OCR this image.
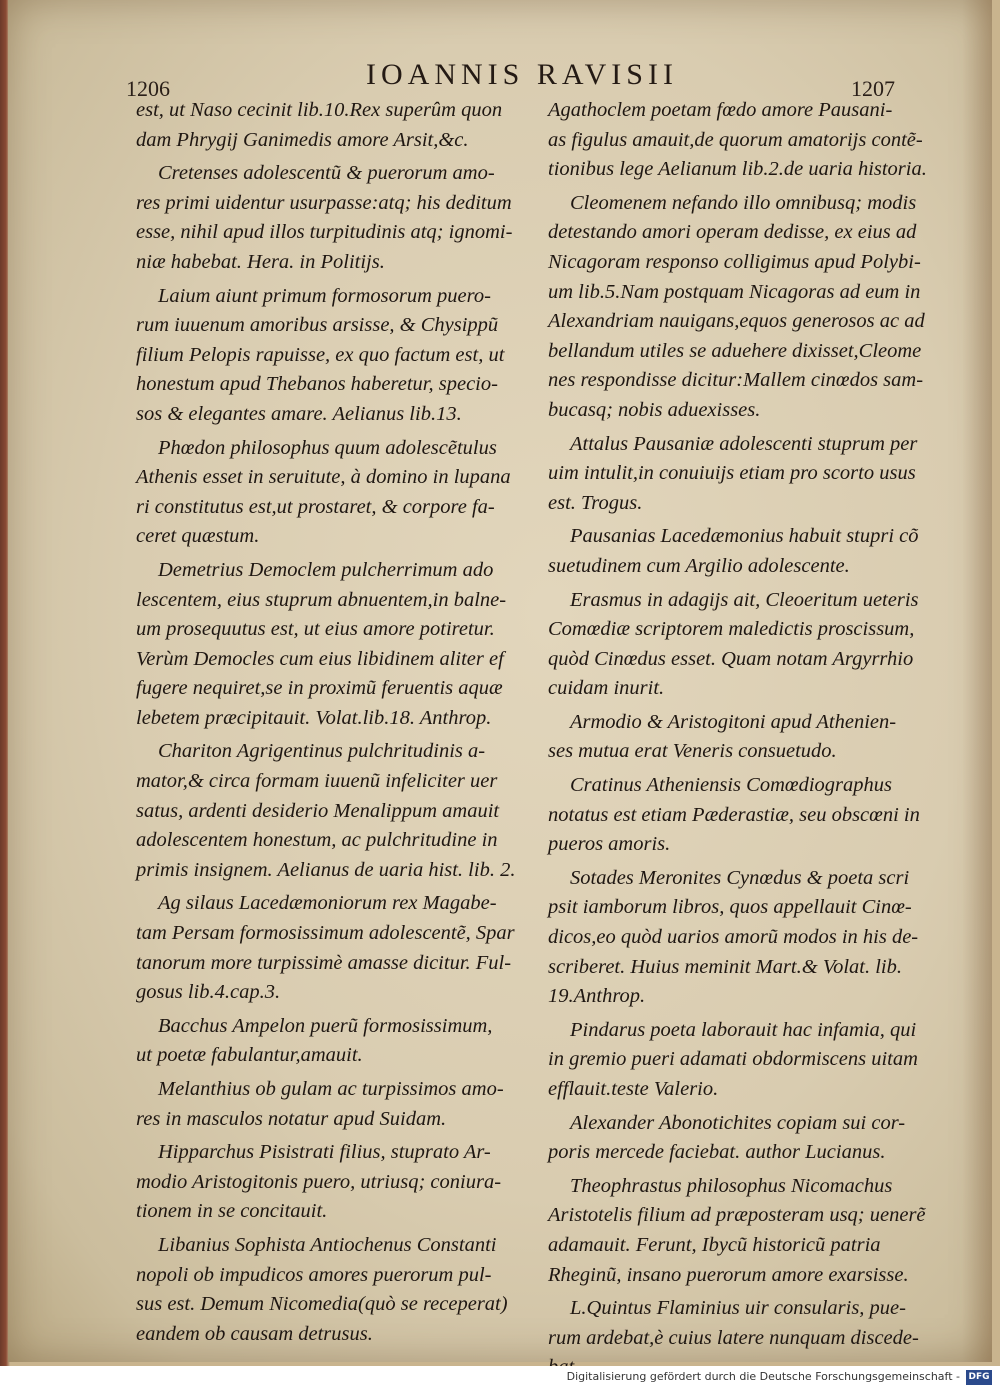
1206	IOANNIS RAVISII	1207

est, ut Naso cecinit lib.10.Rex superûm quon
dam Phrygij Ganimedis amore Arsit,&c.

Cretenses adolescentũ & puerorum amo-
res primi uidentur usurpasse:atq; his deditum
esse, nihil apud illos turpitudinis atq; ignomi-
niæ habebat. Hera. in Politijs.

Laium aiunt primum formosorum puero-
rum iuuenum amoribus arsisse, & Chysippũ
filium Pelopis rapuisse, ex quo factum est, ut
honestum apud Thebanos haberetur, specio-
sos & elegantes amare. Aelianus lib.13.

Phœdon philosophus quum adolescẽtulus
Athenis esset in seruitute, à domino in lupana
ri constitutus est,ut prostaret, & corpore fa-
ceret quæstum.

Demetrius Democlem pulcherrimum ado
lescentem, eius stuprum abnuentem,in balne-
um prosequutus est, ut eius amore potiretur.
Verùm Democles cum eius libidinem aliter ef
fugere nequiret,se in proximũ feruentis aquæ
lebetem præcipitauit. Volat.lib.18. Anthrop.

Chariton Agrigentinus pulchritudinis a-
mator,& circa formam iuuenũ infeliciter uer
satus, ardenti desiderio Menalippum amauit
adolescentem honestum, ac pulchritudine in
primis insignem. Aelianus de uaria hist. lib. 2.

Ag silaus Lacedæmoniorum rex Magabe-
tam Persam formosissimum adolescentẽ, Spar
tanorum more turpissimè amasse dicitur. Ful-
gosus lib.4.cap.3.

Bacchus Ampelon puerũ formosissimum,
ut poetæ fabulantur,amauit.

Melanthius ob gulam ac turpissimos amo-
res in masculos notatur apud Suidam.

Hipparchus Pisistrati filius, stuprato Ar-
modio Aristogitonis puero, utriusq; coniura-
tionem in se concitauit.

Libanius Sophista Antiochenus Constanti
nopoli ob impudicos amores puerorum pul-
sus est. Demum Nicomedia(quò se receperat)
eandem ob causam detrusus.

Agathoclem poetam fœdo amore Pausani-
as figulus amauit,de quorum amatorijs contẽ-
tionibus lege Aelianum lib.2.de uaria historia.

Cleomenem nefando illo omnibusq; modis
detestando amori operam dedisse, ex eius ad
Nicagoram responso colligimus apud Polybi-
um lib.5.Nam postquam Nicagoras ad eum in
Alexandriam nauigans,equos generosos ac ad
bellandum utiles se aduehere dixisset,Cleome
nes respondisse dicitur:Mallem cinœdos sam-
bucasq; nobis aduexisses.

Attalus Pausaniæ adolescenti stuprum per
uim intulit,in conuiuijs etiam pro scorto usus
est. Trogus.

Pausanias Lacedæmonius habuit stupri cõ
suetudinem cum Argilio adolescente.

Erasmus in adagijs ait, Cleoeritum ueteris
Comœdiæ scriptorem maledictis proscissum,
quòd Cinœdus esset. Quam notam Argyrrhio
cuidam inurit.

Armodio & Aristogitoni apud Athenien-
ses mutua erat Veneris consuetudo.

Cratinus Atheniensis Comœdiographus
notatus est etiam Pæderastiæ, seu obscœni in
pueros amoris.

Sotades Meronites Cynœdus & poeta scri
psit iamborum libros, quos appellauit Cinœ-
dicos,eo quòd uarios amorũ modos in his de-
scriberet. Huius meminit Mart.& Volat. lib.
19.Anthrop.

Pindarus poeta laborauit hac infamia, qui
in gremio pueri adamati obdormiscens uitam
efflauit.teste Valerio.

Alexander Abonotichites copiam sui cor-
poris mercede faciebat. author Lucianus.

Theophrastus philosophus Nicomachus
Aristotelis filium ad præposteram usq; uenerẽ
adamauit. Ferunt, Ibycũ historicũ patria
Rheginũ, insano puerorum amore exarsisse.

L.Quintus Flaminius uir consularis, pue-
rum ardebat,è cuius latere nunquam discede-

Digitalisierung gefördert durch die Deutsche Forschungsgemeinschaft - DFG
